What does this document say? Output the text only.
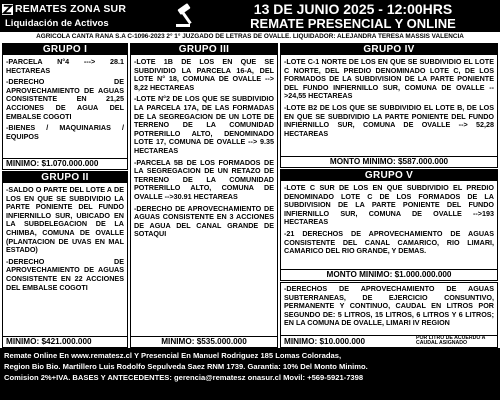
REMATES ZONA SUR
Liquidación de Activos
13 DE JUNIO 2025 - 12:00HRS
REMATE PRESENCIAL Y ONLINE
AGRICOLA CANTA RANA S.A C-1096-2023 2° 1° JUZGADO DE LETRAS DE OVALLE. LIQUIDADOR: ALEJANDRA TERESA MASSIS VALENCIA
GRUPO I

-PARCELA N°4 ---> 28.1 HECTAREAS

-DERECHO DE APROVECHAMIENTO DE AGUAS CONSISTENTE EN 21,25 ACCIONES DE AGUA DEL EMBALSE COGOTI

-BIENES / MAQUINARIAS / EQUIPOS

MINIMO: $1.070.000.000
GRUPO II

-SALDO O PARTE DEL LOTE A DE LOS EN QUE SE SUBDIVIDIO LA PARTE PONIENTE DEL FUNDO INFIERNILLO SUR, UBICADO EN LA SUBDELEGACION DE LA CHIMBA, COMUNA DE OVALLE (PLANTACION DE UVAS EN MAL ESTADO)

-DERECHO DE APROVECHAMIENTO DE AGUAS CONSISTENTE EN 22 ACCIONES DEL EMBALSE COGOTI

MINIMO: $421.000.000
GRUPO III

-LOTE 1B DE LOS EN QUE SE SUBDIVIDIO LA PARCELA 16-A, DEL LOTE N° 18, COMUNA DE OVALLE --> 8,22 HECTAREAS

-LOTE N°2 DE LOS QUE SE SUBDIVIDIO LA PARCELA 17A, DE LAS FORMADAS DE LA SEGREGACION DE UN LOTE DE TERRENO DE LA COMUNIDAD POTRERILLO ALTO, DENOMINADO LOTE 17, COMUNA DE OVALLE --> 9.35 HECTAREAS

-PARCELA 5B DE LOS FORMADOS DE LA SEGREGACION DE UN RETAZO DE TERRENO DE LA COMUNIDAD POTRERILLO ALTO, COMUNA DE OVALLE -->30.91 HECTAREAS

-DERECHO DE APROVECHAMIENTO DE AGUAS CONSISTENTE EN 3 ACCIONES DE AGUA DEL CANAL GRANDE DE SOTAQUI

MINIMO: $535.000.000
GRUPO IV

-LOTE C-1 NORTE DE LOS EN QUE SE SUBDIVIDIO EL LOTE C NORTE, DEL PREDIO DENOMINADO LOTE C, DE LOS FORMADOS DE LA SUBDIVISION DE LA PARTE PONIENTE DEL FUNDO INFIERNILLO SUR, COMUNA DE OVALLE -->24,55 HECTAREAS

-LOTE B2 DE LOS QUE SE SUBDIVIDIO EL LOTE B, DE LOS EN QUE SE SUBDIVIDIO LA PARTE PONIENTE DEL FUNDO INFIERNILLO SUR, COMUNA DE OVALLE --> 52,28 HECTAREAS

MONTO MINIMO: $587.000.000
GRUPO V

-LOTE C SUR DE LOS EN QUE SUBDIVIDIO EL PREDIO DENOMINADO LOTE C DE LOS FORMADOS DE LA SUBDIVISION DE LA PARTE PONIENTE DEL FUNDO INFIERNILLO SUR, COMUNA DE OVALLE -->193 HECTAREAS

-21 DERECHOS DE APROVECHAMIENTO DE AGUAS CONSISTENTE DEL CANAL CAMARICO, RIO LIMARI, CAMARICO DEL RIO GRANDE, Y DEMAS.

MONTO MINIMO: $1.000.000.000

-DERECHOS DE APROVECHAMIENTO DE AGUAS SUBTERRANEAS, DE EJERCICIO CONSUNTIVO, PERMANENTE Y CONTINUO, CAUDAL EN LITROS POR SEGUNDO DE: 5 LITROS, 15 LITROS, 6 LITROS Y 6 LITROS; EN LA COMUNA DE OVALLE, LIMARI IV REGION

MINIMO: $10.000.000	POR LITRO DE ACUERDO A CAUDAL ASIGNADO
Remate Online En www.rematesz.cl Y Presencial En Manuel Rodriguez 185 Lomas Coloradas,
Region Bio Bio. Martillero Luis Rodolfo Sepulveda Saez RNM 1739. Garantia: 10% Del Monto Minimo.
Comision 2%+IVA. BASES Y ANTECEDENTES: gerencia@rematesz onasur.cl Movil: +569-5921-7398
